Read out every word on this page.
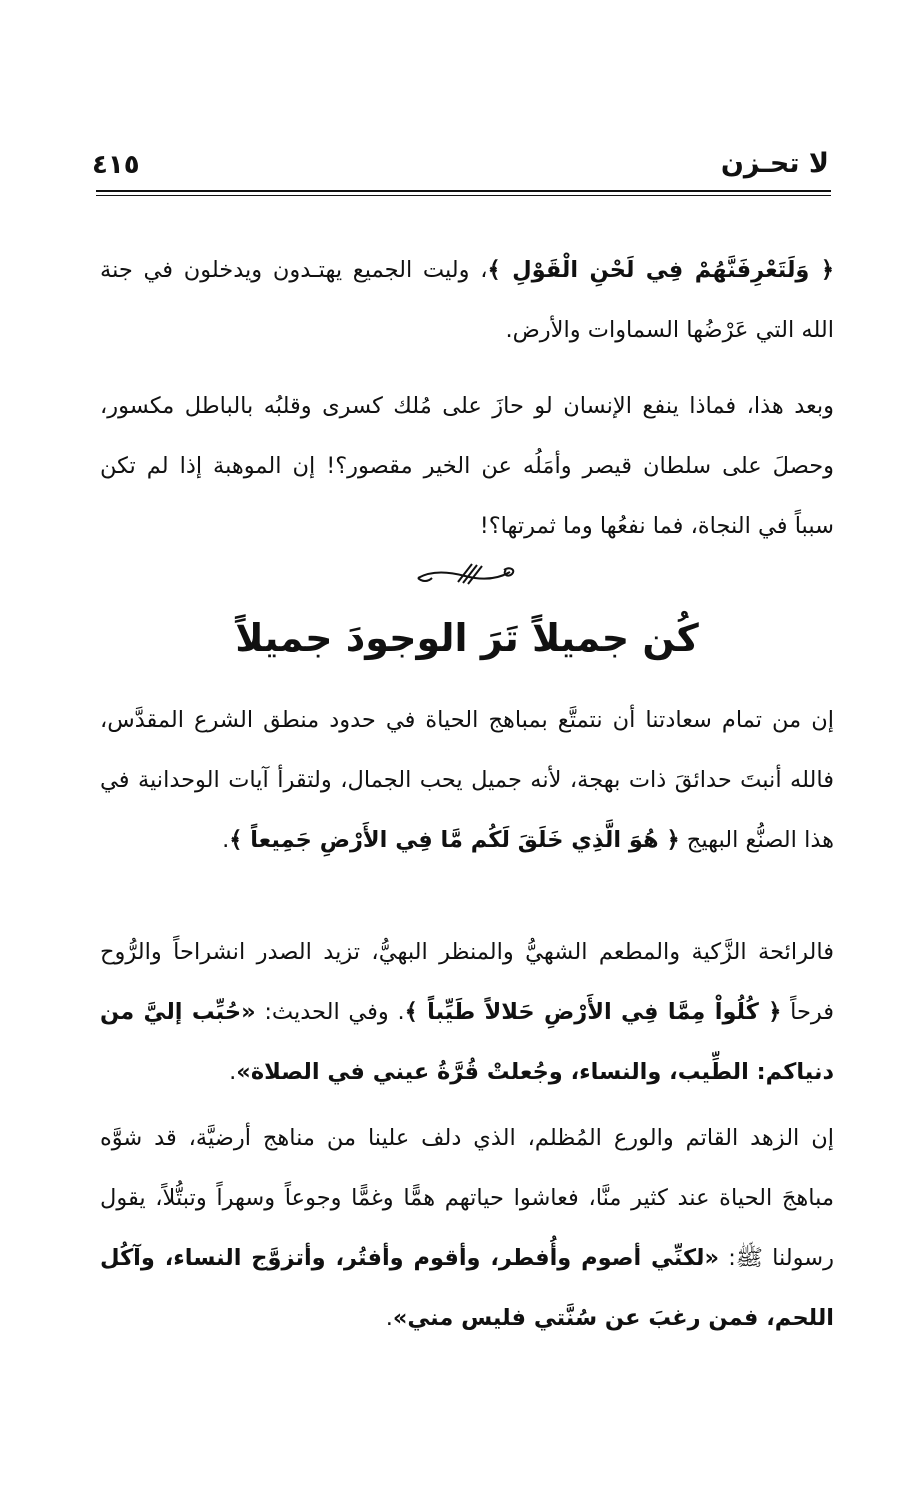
لا تحـزن
٤١٥

﴿ وَلَتَعْرِفَنَّهُمْ فِي لَحْنِ الْقَوْلِ ﴾، وليت الجميع يهتـدون ويدخلون في جنة الله التي عَرْضُها السماوات والأرض.

وبعد هذا، فماذا ينفع الإنسان لو حازَ على مُلك كسرى وقلبُه بالباطل مكسور، وحصلَ على سلطان قيصر وأمَلُه عن الخير مقصور؟! إن الموهبة إذا لم تكن سبباً في النجاة، فما نفعُها وما ثمرتها؟!

كُن جميلاً تَرَ الوجودَ جميلاً

إن من تمام سعادتنا أن نتمتَّع بمباهج الحياة في حدود منطق الشرع المقدَّس، فالله أنبتَ حدائقَ ذات بهجة، لأنه جميل يحب الجمال، ولتقرأ آيات الوحدانية في هذا الصنُّع البهيج ﴿ هُوَ الَّذِي خَلَقَ لَكُم مَّا فِي الأَرْضِ جَمِيعاً ﴾.

فالرائحة الزَّكية والمطعم الشهيُّ والمنظر البهيُّ، تزيد الصدر انشراحاً والرُّوح فرحاً ﴿ كُلُواْ مِمَّا فِي الأَرْضِ حَلالاً طَيِّباً ﴾. وفي الحديث: «حُبِّب إليَّ من دنياكم: الطِّيب، والنساء، وجُعلتْ قُرَّةُ عيني في الصلاة».

إن الزهد القاتم والورع المُظلم، الذي دلف علينا من مناهج أرضيَّة، قد شوَّه مباهجَ الحياة عند كثير منَّا، فعاشوا حياتهم همًّا وغمًّا وجوعاً وسهراً وتبتُّلاً، يقول رسولنا ﷺ: «لكنِّي أصوم وأُفطر، وأقوم وأفتُر، وأتزوَّج النساء، وآكُل اللحم، فمن رغبَ عن سُنَّتي فليس مني».
